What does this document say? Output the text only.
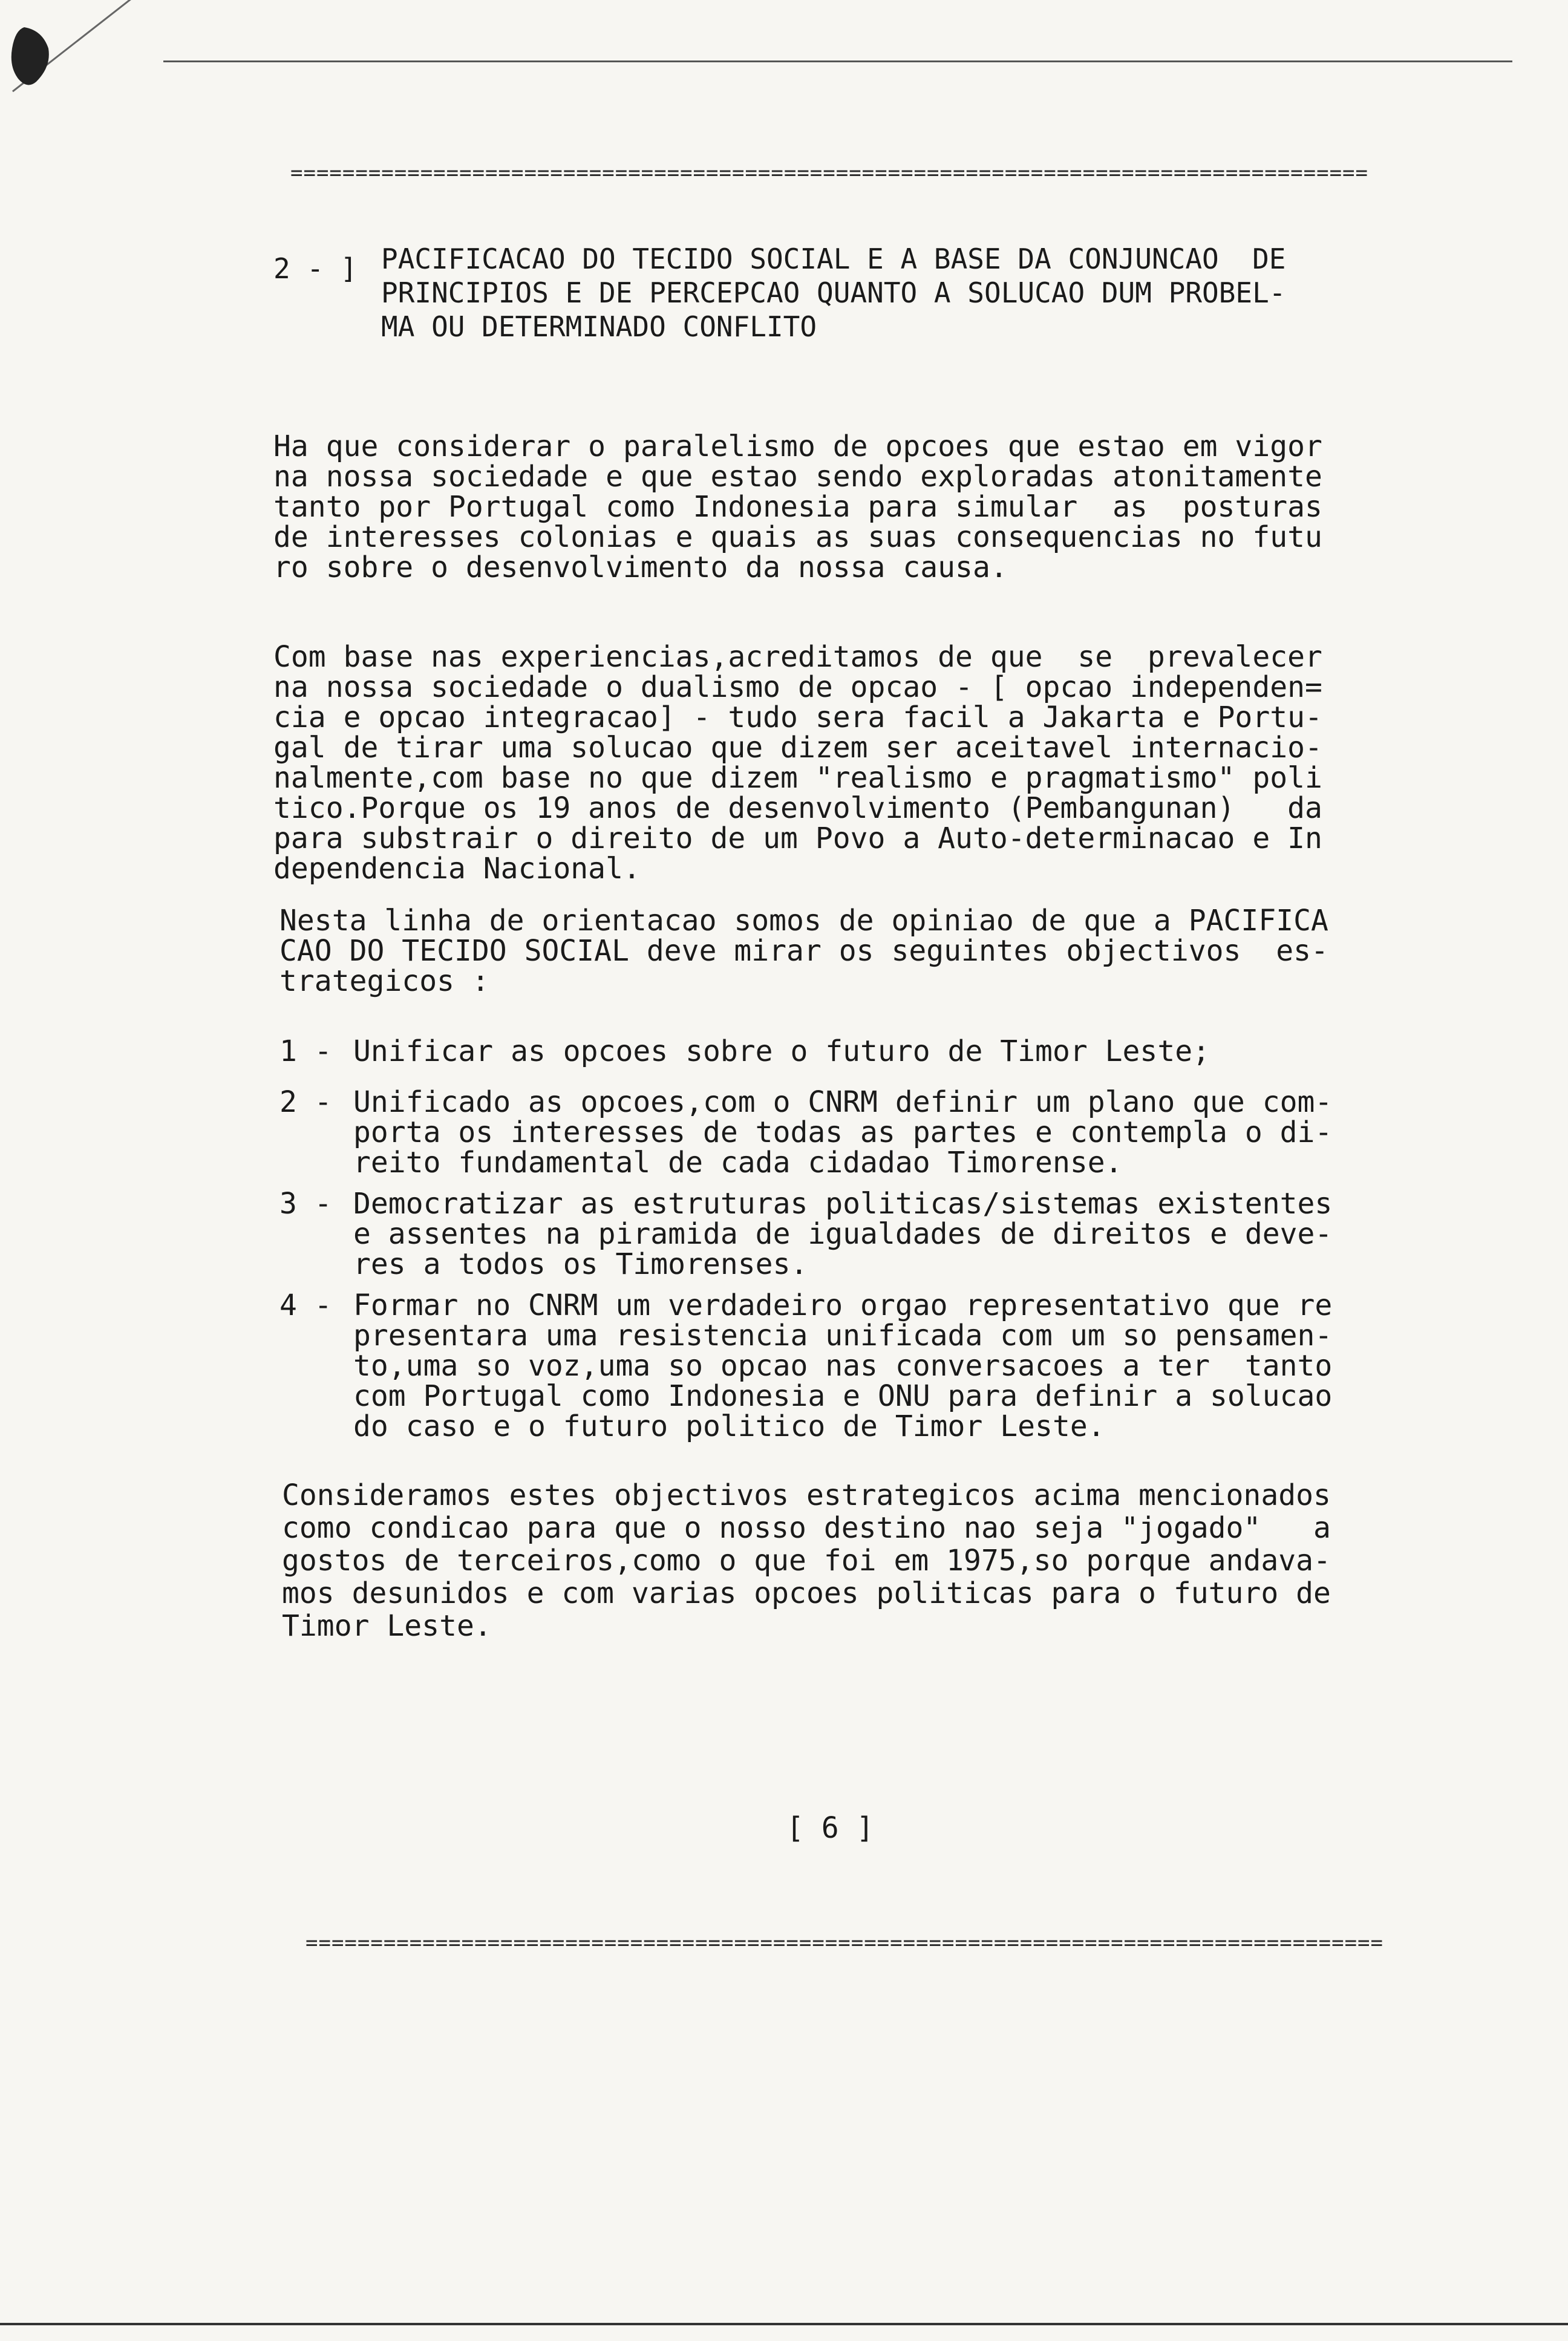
===================================================================================
2 - ] PACIFICACAO DO TECIDO SOCIAL E A BASE DA CONJUNCAO  DE
PRINCIPIOS E DE PERCEPCAO QUANTO A SOLUCAO DUM PROBEL-
MA OU DETERMINADO CONFLITO
Ha que considerar o paralelismo de opcoes que estao em vigor
na nossa sociedade e que estao sendo exploradas atonitamente
tanto por Portugal como Indonesia para simular  as  posturas
de interesses colonias e quais as suas consequencias no futu
ro sobre o desenvolvimento da nossa causa.
Com base nas experiencias,acreditamos de que  se  prevalecer
na nossa sociedade o dualismo de opcao - [ opcao independen=
cia e opcao integracao] - tudo sera facil a Jakarta e Portu-
gal de tirar uma solucao que dizem ser aceitavel internacio-
nalmente,com base no que dizem "realismo e pragmatismo" poli
tico.Porque os 19 anos de desenvolvimento (Pembangunan)   da
para substrair o direito de um Povo a Auto-determinacao e In
dependencia Nacional.
Nesta linha de orientacao somos de opiniao de que a PACIFICA
CAO DO TECIDO SOCIAL deve mirar os seguintes objectivos  es-
trategicos :
1 - Unificar as opcoes sobre o futuro de Timor Leste;
2 - Unificado as opcoes,com o CNRM definir um plano que com-
porta os interesses de todas as partes e contempla o di-
reito fundamental de cada cidadao Timorense.
3 - Democratizar as estruturas politicas/sistemas existentes
e assentes na piramida de igualdades de direitos e deve-
res a todos os Timorenses.
4 - Formar no CNRM um verdadeiro orgao representativo que re
presentara uma resistencia unificada com um so pensamen-
to,uma so voz,uma so opcao nas conversacoes a ter  tanto
com Portugal como Indonesia e ONU para definir a solucao
do caso e o futuro politico de Timor Leste.
Consideramos estes objectivos estrategicos acima mencionados
como condicao para que o nosso destino nao seja "jogado"   a
gostos de terceiros,como o que foi em 1975,so porque andava-
mos desunidos e com varias opcoes politicas para o futuro de
Timor Leste.
[ 6 ]
===================================================================================
